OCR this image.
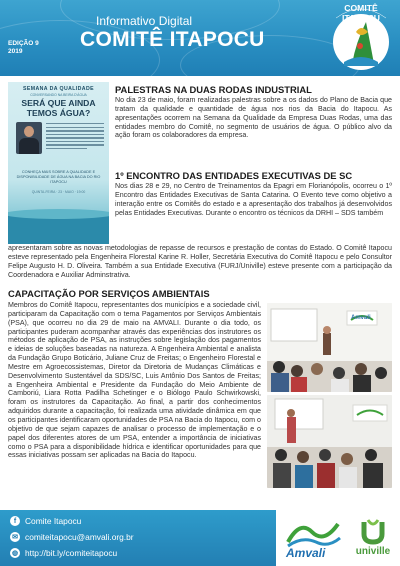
EDIÇÃO 9
2019
Informativo Digital
COMITÊ ITAPOCU
COMITÊ ITAPOCU
SEMANA DA QUALIDADE
CONVERSANDO NA BEIRA D'ÁGUA
SERÁ QUE AINDA TEMOS ÁGUA?
CONHEÇA MAIS SOBRE A QUALIDADE E DISPONIBILIDADE DE ÁGUA NA BACIA DO RIO ITAPOCU
QUINTA-FEIRA · 23 · MAIO · 19:00
PALESTRAS NA DUAS RODAS INDUSTRIAL
No dia 23 de maio, foram realizadas palestras sobre a os dados do Plano de Bacia que tratam da qualidade e quantidade de água nos rios da Bacia do Itapocu. As apresentações ocorrem na Semana da Qualidade da Empresa Duas Rodas, uma das entidades membro do Comitê, no segmento de usuários de água. O público alvo da ação foram os colaboradores da empresa.
1º ENCONTRO DAS ENTIDADES EXECUTIVAS DE SC
Nos dias 28 e 29, no Centro de Treinamentos da Epagri em Florianópolis, ocorreu o 1º Encontro das Entidades Executivas de Santa Catarina. O Evento teve como objetivo a interação entre os Comitês do estado e a apresentação dos trabalhos já desenvolvidos pelas Entidades Executivas. Durante o encontro os técnicos da DRHI – SDS também
apresentaram sobre as novas metodologias de repasse de recursos e prestação de contas do Estado. O Comitê Itapocu esteve representado pela Engenheira Florestal Karine R. Holler, Secretária Executiva do Comitê Itapocu e pelo Consultor Felipe Augusto H. D. Oliveira. Também a sua Entidade Executiva (FURJ/Univille) esteve presente com a participação da Coordenadora e Auxiliar Adminstrativa.
CAPACITAÇÃO POR SERVIÇOS AMBIENTAIS
Membros do Comitê Itapocu, representantes dos municípios e a sociedade civil, participaram da Capacitação com o tema Pagamentos por Serviços Ambientais (PSA), que ocorreu no dia 29 de maio na AMVALI. Durante o dia todo, os participantes puderam acompanhar através das experiências dos instrutores os métodos de aplicação de PSA, as instruções sobre legislação dos pagamentos e ideias de soluções baseadas na natureza. A Engenheira Ambiental e analista da Fundação Grupo Boticário, Juliane Cruz de Freitas; o Engenheiro Florestal e Mestre em Agroecossistemas, Diretor da Diretoria de Mudanças Climáticas e Desenvolvimento Sustentável da SDS/SC, Luis Antônio Dos Santos de Freitas; a Engenheira Ambiental e Presidente da Fundação do Meio Ambiente de Camboriú, Liara Rotta Padilha Schetinger e o Biólogo Paulo Schwirkowski, foram os instrutores da Capacitação. Ao final, a partir dos conhecimentos adquiridos durante a capacitação, foi realizada uma atividade dinâmica em que os participantes identificaram oportunidades de PSA na Bacia do Itapocu, com o objetivo de que sejam capazes de analisar o processo de implementação e o papel dos diferentes atores de um PSA, entender a importância de iniciativas como o PSA para a disponibilidade hídrica e identificar oportunidades para que essas iniciativas possam ser aplicadas na Bacia do Itapocu.
Amvali
f	Comite Itapocu
✉ comiteitapocu@amvali.org.br
◍ http://bit.ly/comiteitapocu	Amvali	univille
